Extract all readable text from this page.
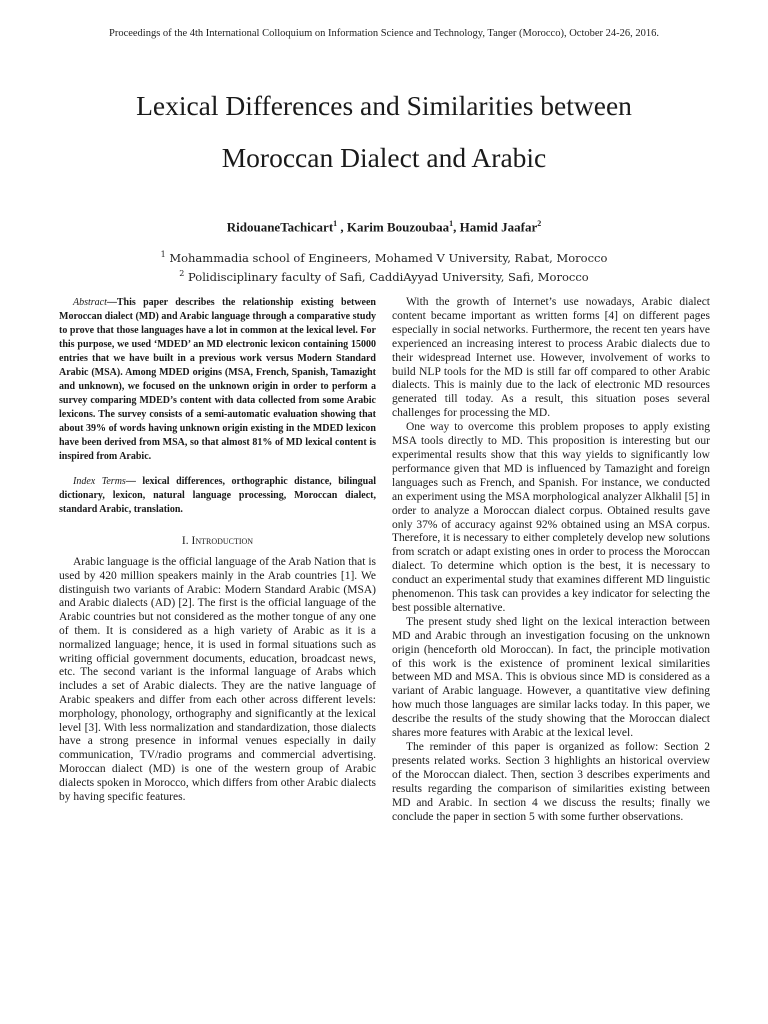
Proceedings of the 4th International Colloquium on Information Science and Technology, Tanger (Morocco), October 24-26, 2016.
Lexical Differences and Similarities between
Moroccan Dialect and Arabic
RidouaneTachicart$^1$ , Karim Bouzoubaa$^1$, Hamid Jaafar$^2$
$^1$ Mohammadia school of Engineers, Mohamed V University, Rabat, Morocco
$^2$ Polidisciplinary faculty of Safi, CaddiAyyad University, Safi, Morocco

Abstract—This paper describes the relationship existing between Moroccan dialect (MD) and Arabic language through a comparative study to prove that those languages have a lot in common at the lexical level. For this purpose, we used ‘MDED’ an MD electronic lexicon containing 15000 entries that we have built in a previous work versus Modern Standard Arabic (MSA). Among MDED origins (MSA, French, Spanish, Tamazight and unknown), we focused on the unknown origin in order to perform a survey comparing MDED’s content with data collected from some Arabic lexicons. The survey consists of a semi-automatic evaluation showing that about 39% of words having unknown origin existing in the MDED lexicon have been derived from MSA, so that almost 81% of MD lexical content is inspired from Arabic.

Index Terms— lexical differences, orthographic distance, bilingual dictionary, lexicon, natural language processing, Moroccan dialect, standard Arabic, translation.

I. Introduction

Arabic language is the official language of the Arab Nation that is used by 420 million speakers mainly in the Arab countries [1]. We distinguish two variants of Arabic: Modern Standard Arabic (MSA) and Arabic dialects (AD) [2]. The first is the official language of the Arabic countries but not considered as the mother tongue of any one of them. It is considered as a high variety of Arabic as it is a normalized language; hence, it is used in formal situations such as writing official government documents, education, broadcast news, etc. The second variant is the informal language of Arabs which includes a set of Arabic dialects. They are the native language of Arabic speakers and differ from each other across different levels: morphology, phonology, orthography and significantly at the lexical level [3]. With less normalization and standardization, those dialects have a strong presence in informal venues especially in daily communication, TV/radio programs and commercial advertising. Moroccan dialect (MD) is one of the western group of Arabic dialects spoken in Morocco, which differs from other Arabic dialects by having specific features.

With the growth of Internet’s use nowadays, Arabic dialect content became important as written forms [4] on different pages especially in social networks. Furthermore, the recent ten years have experienced an increasing interest to process Arabic dialects due to their widespread Internet use. However, involvement of works to build NLP tools for the MD is still far off compared to other Arabic dialects. This is mainly due to the lack of electronic MD resources generated till today. As a result, this situation poses several challenges for processing the MD.

One way to overcome this problem proposes to apply existing MSA tools directly to MD. This proposition is interesting but our experimental results show that this way yields to significantly low performance given that MD is influenced by Tamazight and foreign languages such as French, and Spanish. For instance, we conducted an experiment using the MSA morphological analyzer Alkhalil [5] in order to analyze a Moroccan dialect corpus. Obtained results gave only 37% of accuracy against 92% obtained using an MSA corpus. Therefore, it is necessary to either completely develop new solutions from scratch or adapt existing ones in order to process the Moroccan dialect. To determine which option is the best, it is necessary to conduct an experimental study that examines different MD linguistic phenomenon. This task can provides a key indicator for selecting the best possible alternative.

The present study shed light on the lexical interaction between MD and Arabic through an investigation focusing on the unknown origin (henceforth old Moroccan). In fact, the principle motivation of this work is the existence of prominent lexical similarities between MD and MSA. This is obvious since MD is considered as a variant of Arabic language. However, a quantitative view defining how much those languages are similar lacks today. In this paper, we describe the results of the study showing that the Moroccan dialect shares more features with Arabic at the lexical level.

The reminder of this paper is organized as follow: Section 2 presents related works. Section 3 highlights an historical overview of the Moroccan dialect. Then, section 3 describes experiments and results regarding the comparison of similarities existing between MD and Arabic. In section 4 we discuss the results; finally we conclude the paper in section 5 with some further observations.
